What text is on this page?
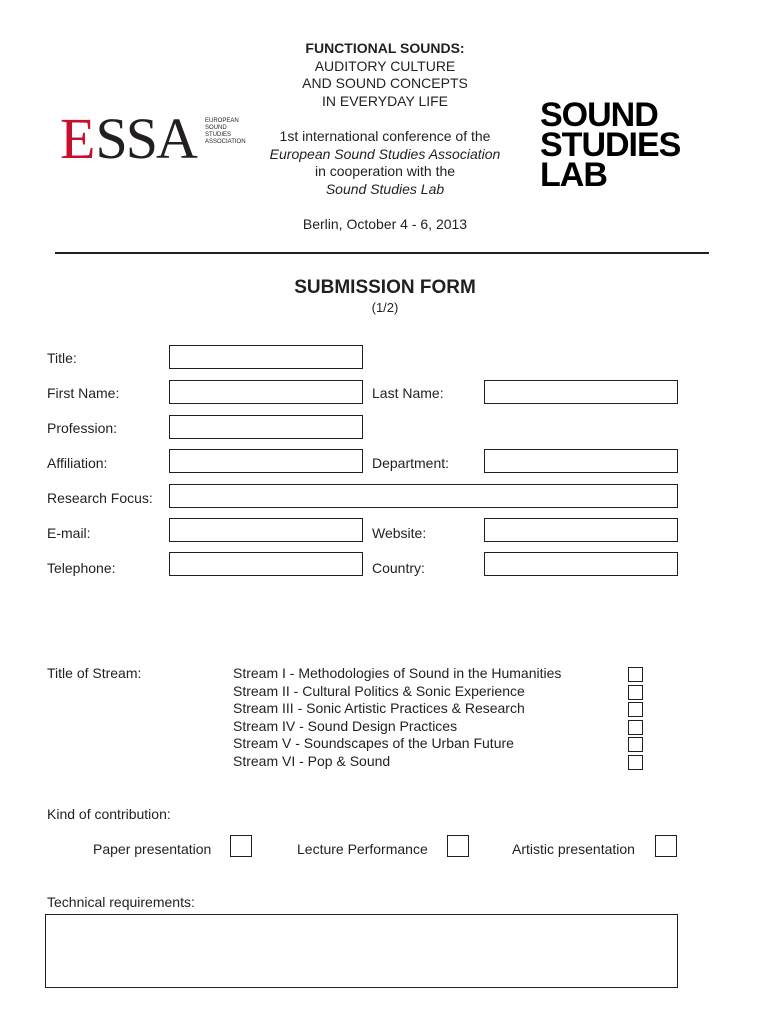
FUNCTIONAL SOUNDS:
AUDITORY CULTURE
AND SOUND CONCEPTS
IN EVERYDAY LIFE
1st international conference of the
European Sound Studies Association
in cooperation with the
Sound Studies Lab
Berlin, October 4 - 6, 2013
ESSA EUROPEAN
SOUND
STUDIES
ASSOCIATION
SOUND
STUDIES
LAB
SUBMISSION FORM
(1/2)
Title:
First Name:	Last Name:
Profession:
Affiliation:	Department:
Research Focus:
E-mail:	Website:
Telephone:	Country:
Title of Stream:	Stream I - Methodologies of Sound in the Humanities
Stream II - Cultural Politics & Sonic Experience
Stream III - Sonic Artistic Practices & Research
Stream IV - Sound Design Practices
Stream V - Soundscapes of the Urban Future
Stream VI - Pop & Sound
Kind of contribution:
Paper presentation	Lecture Performance	Artistic presentation
Technical requirements:
